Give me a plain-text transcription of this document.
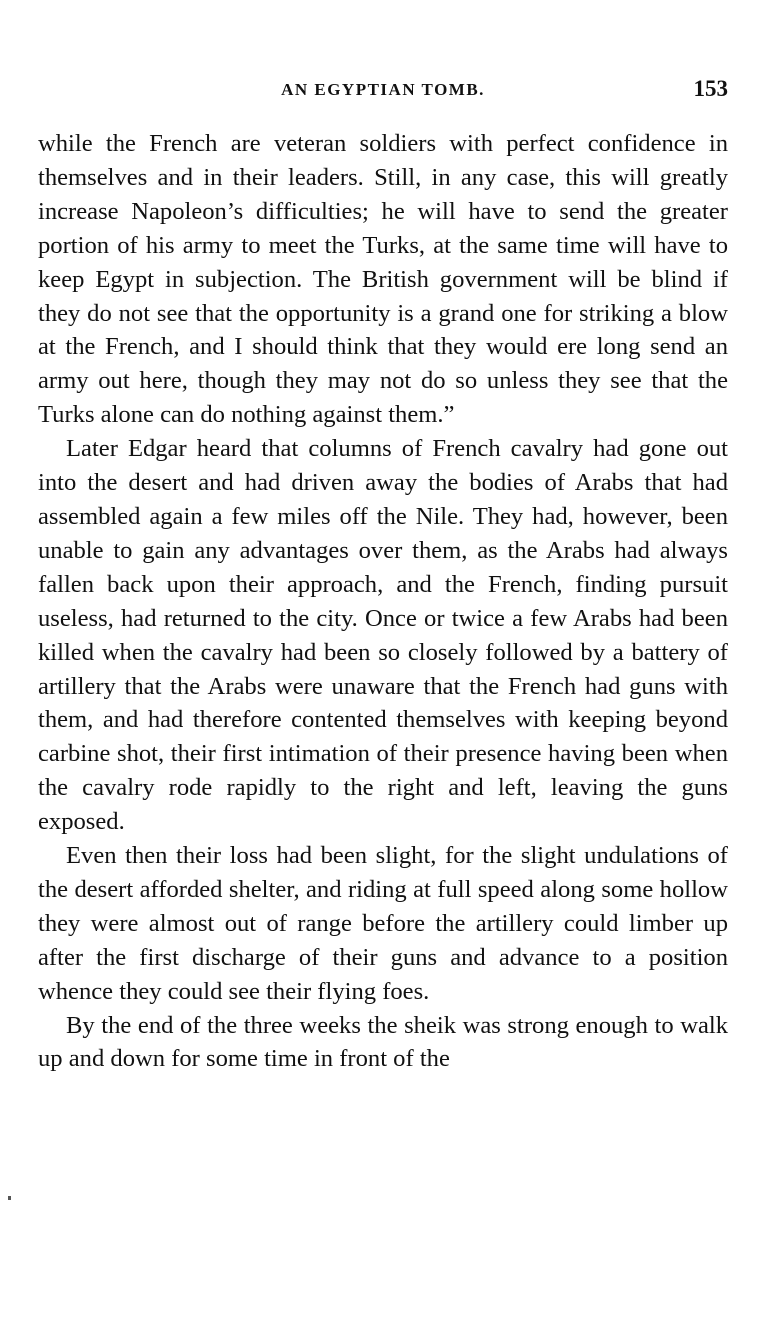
AN EGYPTIAN TOMB.	153

while the French are veteran soldiers with perfect confidence in themselves and in their leaders. Still, in any case, this will greatly increase Napoleon’s difficulties; he will have to send the greater portion of his army to meet the Turks, at the same time will have to keep Egypt in subjection. The British government will be blind if they do not see that the opportunity is a grand one for striking a blow at the French, and I should think that they would ere long send an army out here, though they may not do so unless they see that the Turks alone can do nothing against them.”

Later Edgar heard that columns of French cavalry had gone out into the desert and had driven away the bodies of Arabs that had assembled again a few miles off the Nile. They had, however, been unable to gain any advantages over them, as the Arabs had always fallen back upon their approach, and the French, finding pursuit useless, had returned to the city. Once or twice a few Arabs had been killed when the cavalry had been so closely followed by a battery of artillery that the Arabs were unaware that the French had guns with them, and had therefore contented themselves with keeping beyond carbine shot, their first intimation of their presence having been when the cavalry rode rapidly to the right and left, leaving the guns exposed.

Even then their loss had been slight, for the slight undulations of the desert afforded shelter, and riding at full speed along some hollow they were almost out of range before the artillery could limber up after the first discharge of their guns and advance to a position whence they could see their flying foes.

By the end of the three weeks the sheik was strong enough to walk up and down for some time in front of the
